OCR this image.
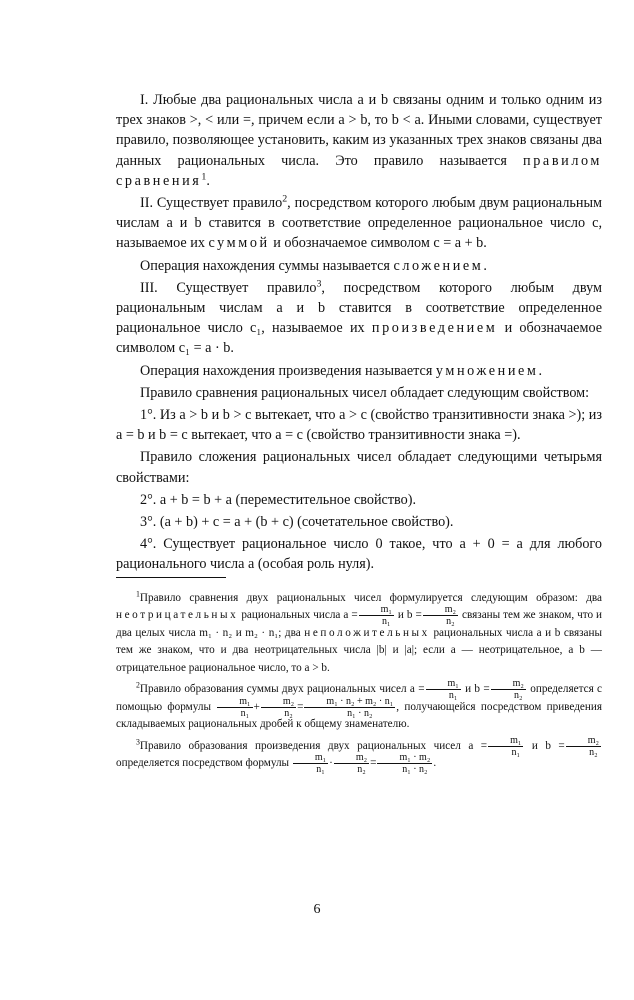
I. Любые два рациональных числа a и b связаны одним и только одним из трех знаков >, < или =, причем если a > b, то b < a. Иными словами, существует правило, позволяющее установить, каким из указанных трех знаков связаны два данных рациональных числа. Это правило называется правилом сравнения$^1$.

II. Существует правило$^2$, посредством которого любым двум рациональным числам a и b ставится в соответствие определенное рациональное число c, называемое их суммой и обозначаемое символом c = a + b.

Операция нахождения суммы называется сложением.

III. Существует правило$^3$, посредством которого любым двум рациональным числам a и b ставится в соответствие определенное рациональное число c₁, называемое их произведением и обозначаемое символом c₁ = a · b.

Операция нахождения произведения называется умножением.

Правило сравнения рациональных чисел обладает следующим свойством:

1°. Из a > b и b > c вытекает, что a > c (свойство транзитивности знака >); из a = b и b = c вытекает, что a = c (свойство транзитивности знака =).

Правило сложения рациональных чисел обладает следующими четырьмя свойствами:

2°. a + b = b + a (переместительное свойство).

3°. (a + b) + c = a + (b + c) (сочетательное свойство).

4°. Существует рациональное число 0 такое, что a + 0 = a для любого рационального числа a (особая роль нуля).

$^1$Правило сравнения двух рациональных чисел формулируется следующим образом: два неотрицательных рациональных числа $a = \frac{\text{m₁}}{\text{n₁}}$ и $b = \frac{\text{m₂}}{\text{n₂}}$ связаны тем же знаком, что и два целых числа m₁ · n₂ и m₂ · n₁; два неположительных рациональных числа a и b связаны тем же знаком, что и два неотрицательных числа |b| и |a|; если a — неотрицательное, а b — отрицательное рациональное число, то a > b.

$^2$Правило образования суммы двух рациональных чисел $a = \frac{\text{m₁}}{\text{n₁}}$ и $b = \frac{\text{m₂}}{\text{n₂}}$ определяется с помощью формулы $\frac{\text{m₁}}{\text{n₁}} + \frac{\text{m₂}}{\text{n₂}} = \frac{\text{m₁ · n₂ + m₂ · n₁}}{\text{n₁ · n₂}}$ , получающейся посредством приведения складываемых рациональных дробей к общему знаменателю.

$^3$Правило образования произведения двух рациональных чисел $a = \frac{\text{m₁}}{\text{n₁}}$ и $b = \frac{\text{m₂}}{\text{n₂}}$
определяется посредством формулы $\frac{\text{m₁}}{\text{n₁}} \cdot \frac{\text{m₂}}{\text{n₂}} = \frac{\text{m₁ · m₂}}{\text{n₁ · n₂}}$ .

6
